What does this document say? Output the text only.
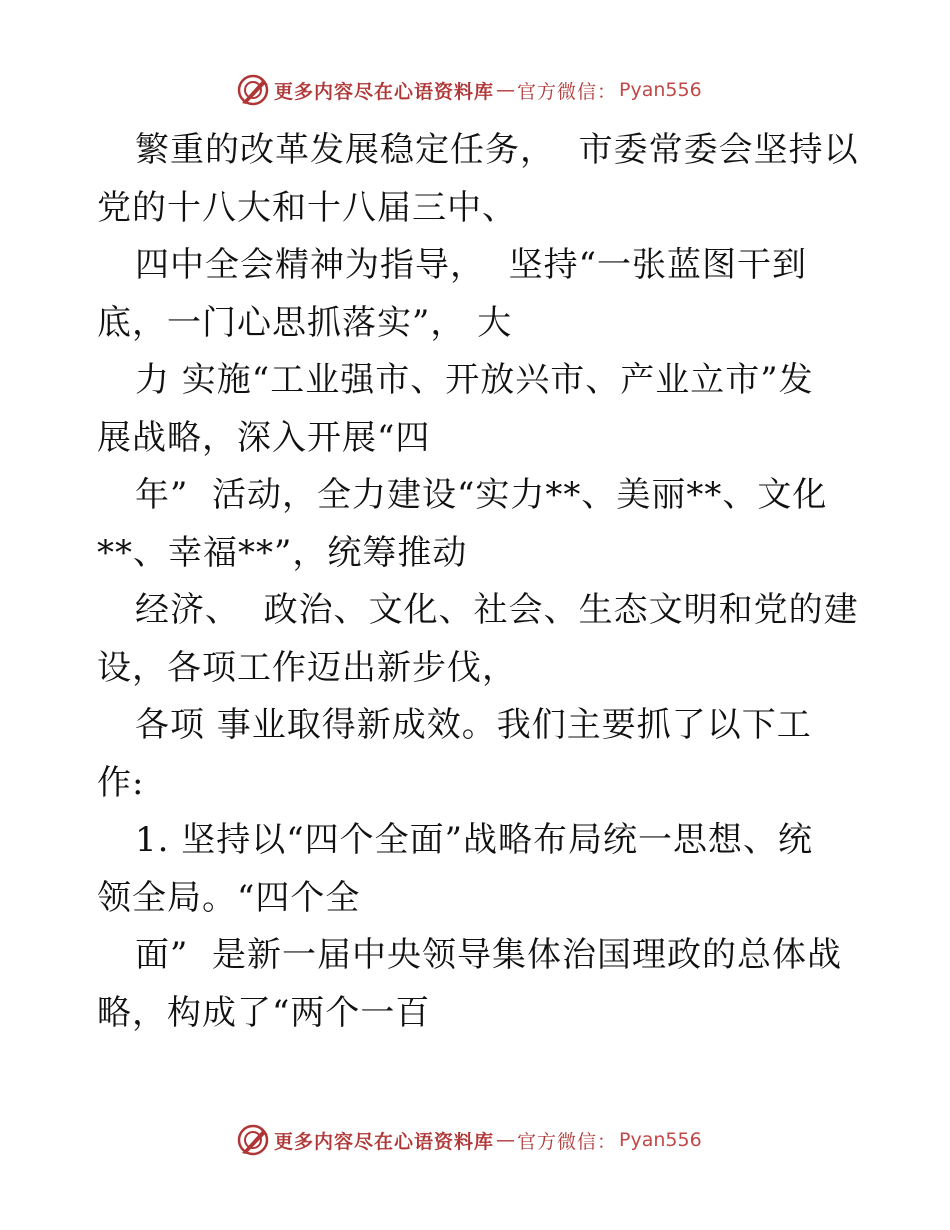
更多内容尽在心语资料库 — 官方微信： Pyan556
繁重的改革发展稳定任务，  市委常委会坚持以
党的十八大和十八届三中、
四中全会精神为指导，  坚持“一张蓝图干到
底，一门心思抓落实”， 大
力 实施“工业强市、开放兴市、产业立市”发
展战略，深入开展“四
年”  活动，全力建设“实力**、美丽**、文化
**、幸福**”，统筹推动
经济、  政治、文化、社会、生态文明和党的建
设，各项工作迈出新步伐，
各项 事业取得新成效。我们主要抓了以下工
作:
1. 坚持以“四个全面”战略布局统一思想、统
领全局。“四个全
面”  是新一届中央领导集体治国理政的总体战
略，构成了“两个一百
更多内容尽在心语资料库 — 官方微信： Pyan556
